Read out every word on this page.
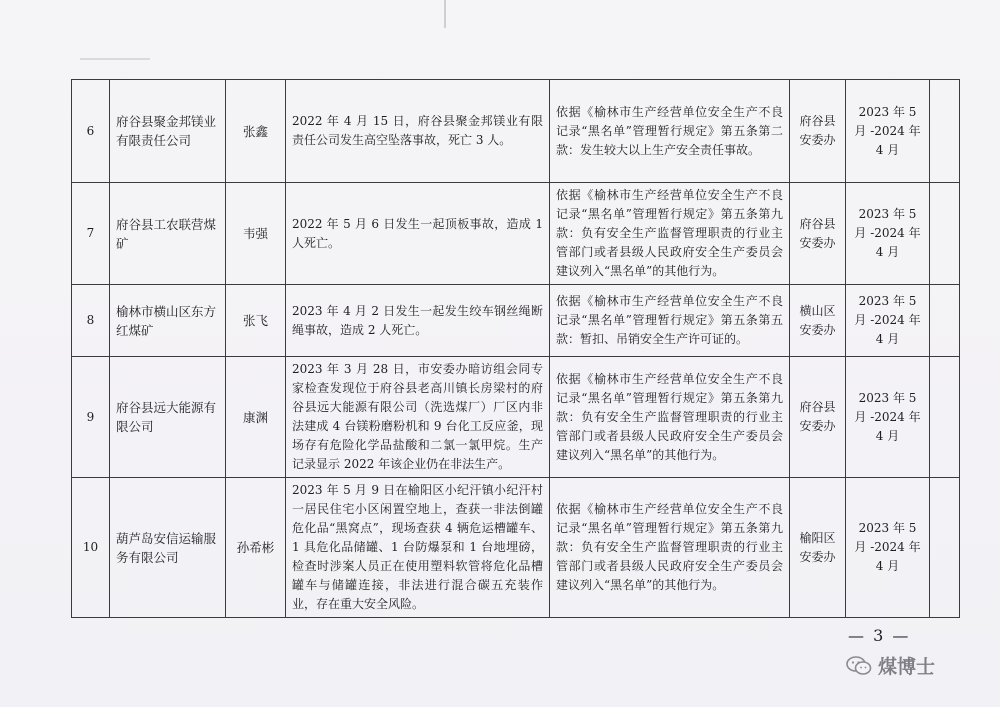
6	府谷县聚金邦镁业有限责任公司	张鑫	2022 年 4 月 15 日，府谷县聚金邦镁业有限责任公司发生高空坠落事故，死亡 3 人。	依据《榆林市生产经营单位安全生产不良记录“黑名单”管理暂行规定》第五条第二款：发生较大以上生产安全责任事故。	府谷县安委办	2023 年 5 月 -2024 年 4 月	
7	府谷县工农联营煤矿	韦强	2022 年 5 月 6 日发生一起顶板事故，造成 1 人死亡。	依据《榆林市生产经营单位安全生产不良记录“黑名单”管理暂行规定》第五条第九款：负有安全生产监督管理职责的行业主管部门或者县级人民政府安全生产委员会建议列入“黑名单”的其他行为。	府谷县安委办	2023 年 5 月 -2024 年 4 月	
8	榆林市横山区东方红煤矿	张飞	2023 年 4 月 2 日发生一起发生绞车钢丝绳断绳事故，造成 2 人死亡。	依据《榆林市生产经营单位安全生产不良记录“黑名单”管理暂行规定》第五条第五款：暂扣、吊销安全生产许可证的。	横山区安委办	2023 年 5 月 -2024 年 4 月	
9	府谷县远大能源有限公司	康渊	2023 年 3 月 28 日，市安委办暗访组会同专家检查发现位于府谷县老高川镇长房梁村的府谷县远大能源有限公司（洗选煤厂）厂区内非法建成 4 台镁粉磨粉机和 9 台化工反应釜，现场存有危险化学品盐酸和二氯一氯甲烷。生产记录显示 2022 年该企业仍在非法生产。	依据《榆林市生产经营单位安全生产不良记录“黑名单”管理暂行规定》第五条第九款：负有安全生产监督管理职责的行业主管部门或者县级人民政府安全生产委员会建议列入“黑名单”的其他行为。	府谷县安委办	2023 年 5 月 -2024 年 4 月	
10	葫芦岛安信运输服务有限公司	孙希彬	2023 年 5 月 9 日在榆阳区小纪汗镇小纪汗村一居民住宅小区闲置空地上，查获一非法倒罐危化品“黑窝点”，现场查获 4 辆危运槽罐车、1 具危化品储罐、1 台防爆泵和 1 台地埋磅，检查时涉案人员正在使用塑料软管将危化品槽罐车与储罐连接，非法进行混合碳五充装作业，存在重大安全风险。	依据《榆林市生产经营单位安全生产不良记录“黑名单”管理暂行规定》第五条第九款：负有安全生产监督管理职责的行业主管部门或者县级人民政府安全生产委员会建议列入“黑名单”的其他行为。	榆阳区安委办	2023 年 5 月 -2024 年 4 月	
— 3 —
煤博士
